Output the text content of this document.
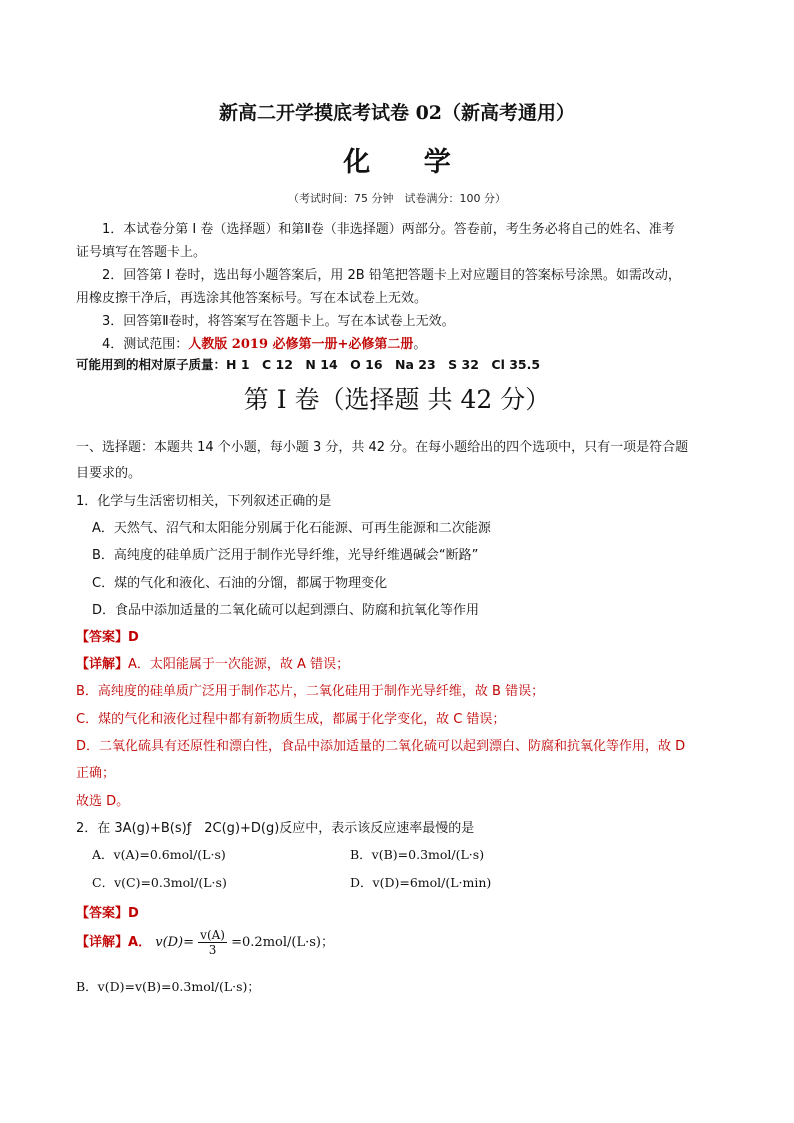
新高二开学摸底考试卷 02（新高考通用）
化 学
（考试时间：75 分钟　试卷满分：100 分）
1．本试卷分第 I 卷（选择题）和第Ⅱ卷（非选择题）两部分。答卷前，考生务必将自己的姓名、准考
证号填写在答题卡上。
2．回答第 I 卷时，选出每小题答案后，用 2B 铅笔把答题卡上对应题目的答案标号涂黑。如需改动，
用橡皮擦干净后，再选涂其他答案标号。写在本试卷上无效。
3．回答第Ⅱ卷时，将答案写在答题卡上。写在本试卷上无效。
4．测试范围：人教版 2019 必修第一册+必修第二册。
可能用到的相对原子质量：H 1　C 12　N 14　O 16　Na 23　S 32　Cl 35.5
第 I 卷（选择题 共 42 分）
一、选择题：本题共 14 个小题，每小题 3 分，共 42 分。在每小题给出的四个选项中，只有一项是符合题
目要求的。
1．化学与生活密切相关，下列叙述正确的是
A．天然气、沼气和太阳能分别属于化石能源、可再生能源和二次能源
B．高纯度的硅单质广泛用于制作光导纤维，光导纤维遇碱会“断路”
C．煤的气化和液化、石油的分馏，都属于物理变化
D．食品中添加适量的二氧化硫可以起到漂白、防腐和抗氧化等作用
【答案】D
【详解】A．太阳能属于一次能源，故 A 错误；
B．高纯度的硅单质广泛用于制作芯片，二氧化硅用于制作光导纤维，故 B 错误；
C．煤的气化和液化过程中都有新物质生成，都属于化学变化，故 C 错误；
D．二氧化硫具有还原性和漂白性，食品中添加适量的二氧化硫可以起到漂白、防腐和抗氧化等作用，故 D
正确；
故选 D。
2．在 3A(g)+B(s)ƒ　2C(g)+D(g)反应中，表示该反应速率最慢的是
A．v(A)=0.6mol/(L·s)	B．v(B)=0.3mol/(L·s)
C．v(C)=0.3mol/(L·s)	D．v(D)=6mol/(L·min)
【答案】D
【详解】A． $v(D)= \frac{v(A)}{3} =0.2mol/(L\cdot s)$；
B．v(D)=v(B)=0.3mol/(L·s)；
